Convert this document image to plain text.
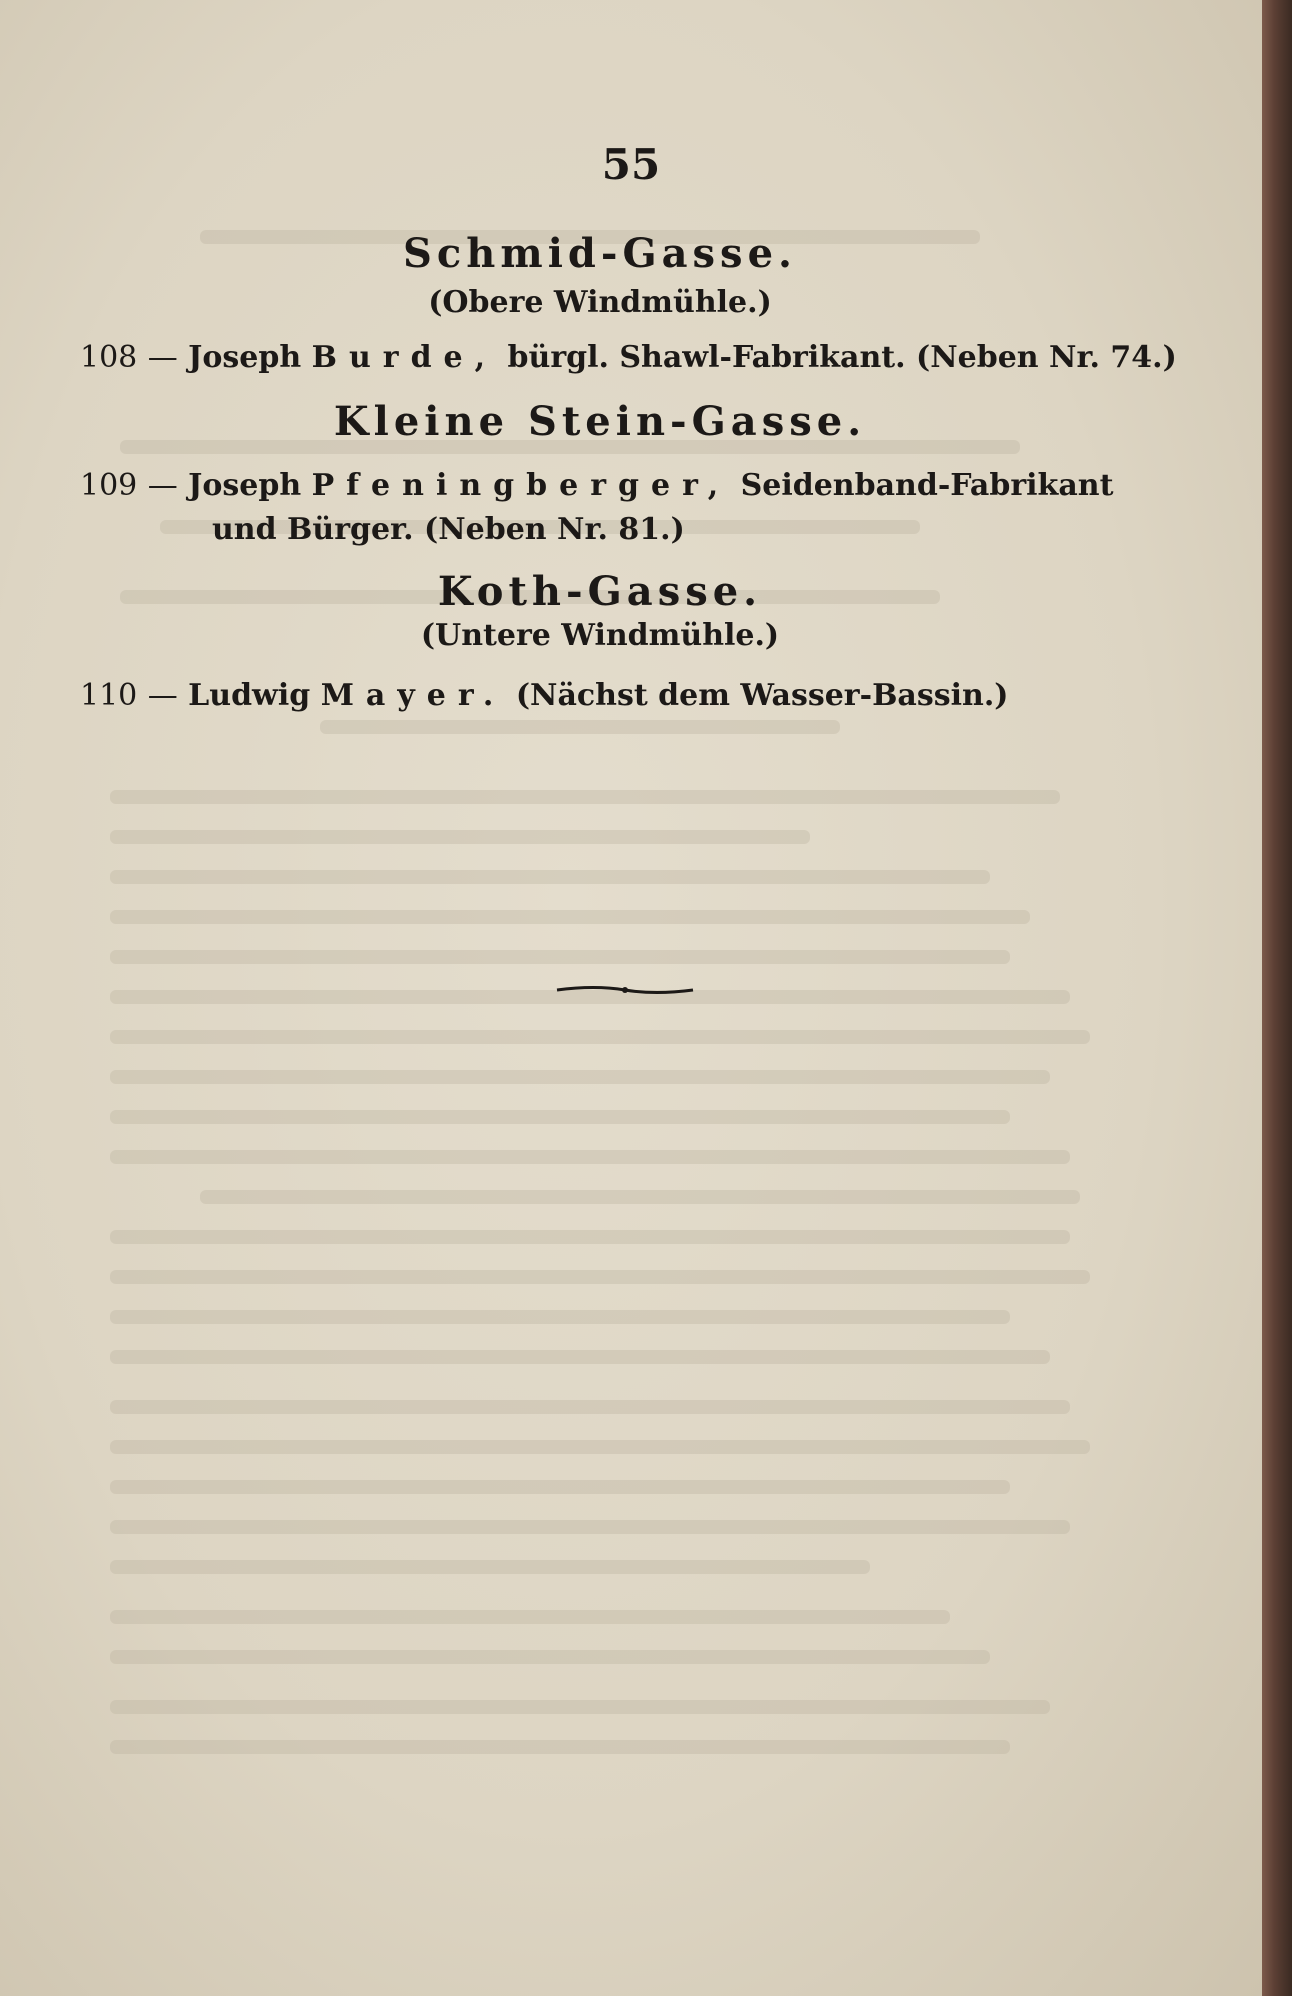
55
Schmid-Gasse.
(Obere Windmühle.)
108 — Joseph Burde, bürgl. Shawl-Fabrikant. (Neben Nr. 74.)
Kleine Stein-Gasse.
109 — Joseph Pfeningberger, Seidenband-Fabrikant
und Bürger. (Neben Nr. 81.)
Koth-Gasse.
(Untere Windmühle.)
110 — Ludwig Mayer. (Nächst dem Wasser-Bassin.)
